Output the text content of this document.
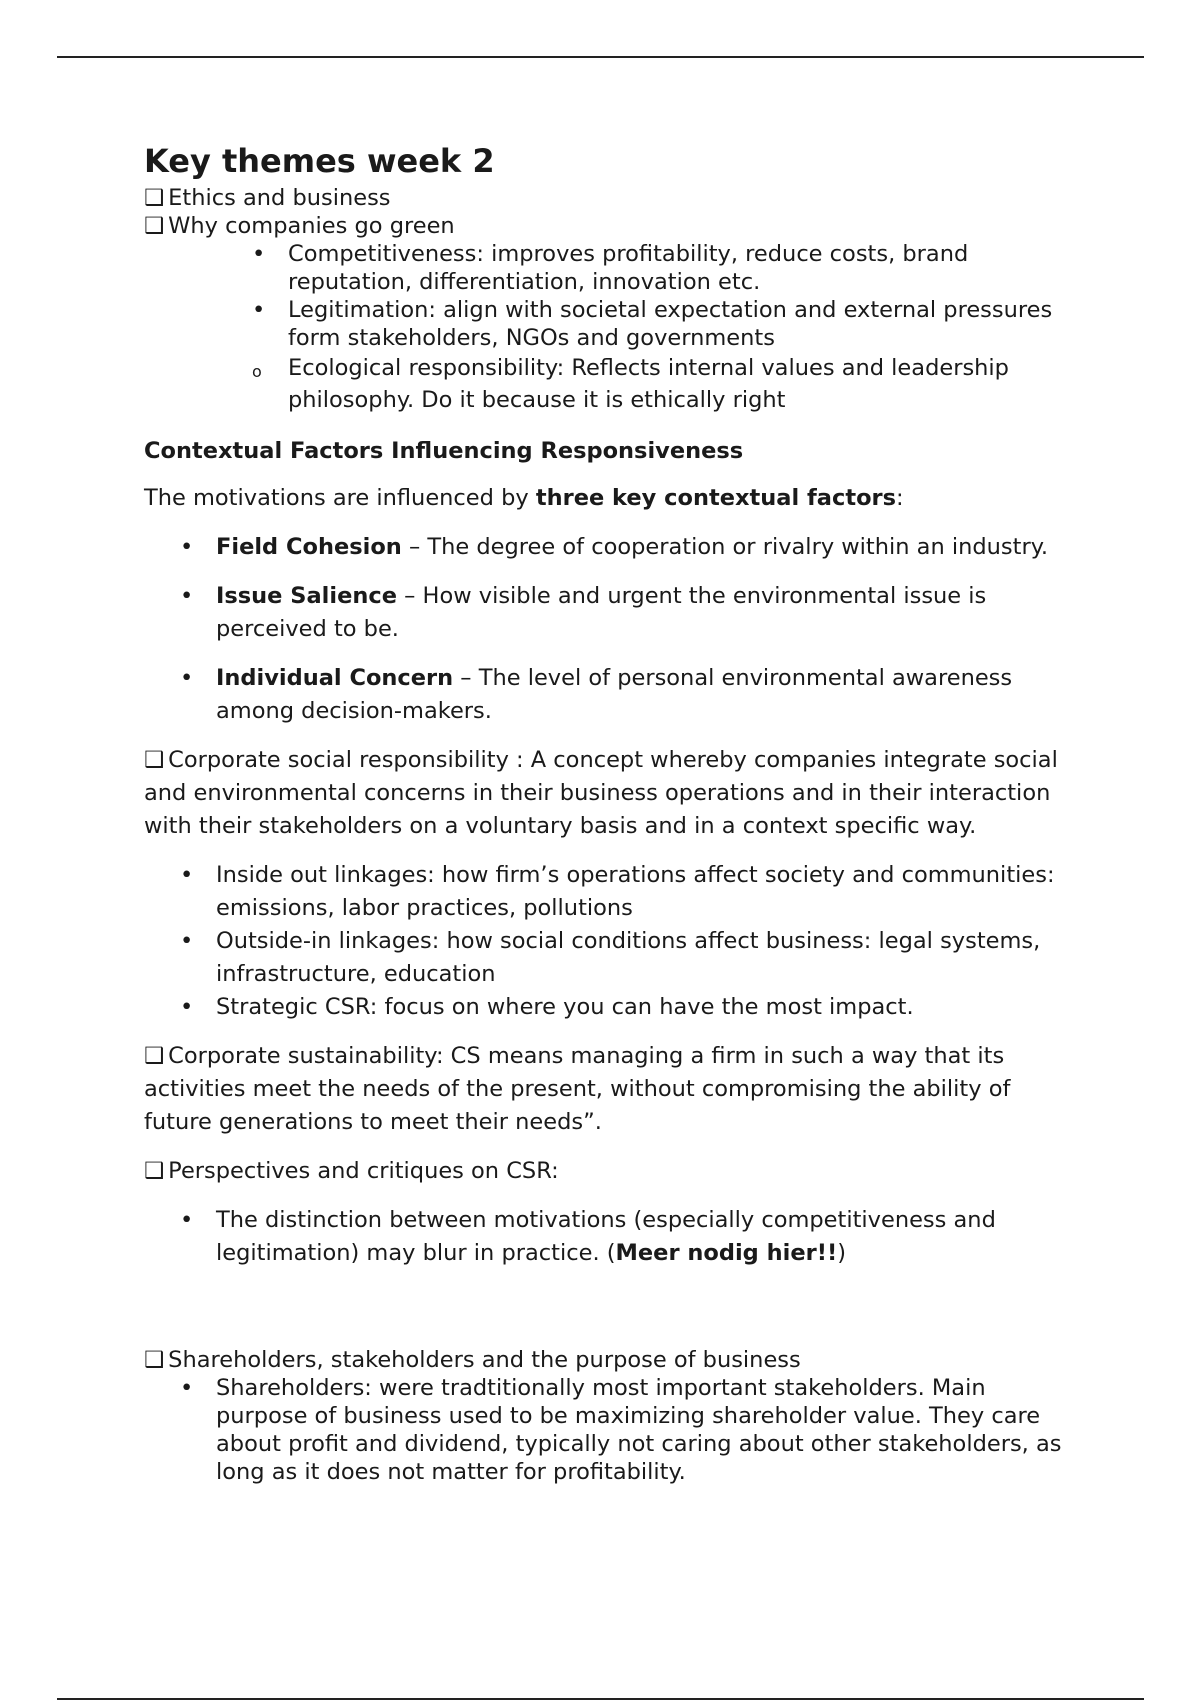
Key themes week 2

❑ Ethics and business

❑ Why companies go green

• Competitiveness: improves profitability, reduce costs, brand reputation, differentiation, innovation etc.
• Legitimation: align with societal expectation and external pressures form stakeholders, NGOs and governments
o Ecological responsibility: Reflects internal values and leadership philosophy. Do it because it is ethically right

Contextual Factors Influencing Responsiveness

The motivations are influenced by three key contextual factors:

• Field Cohesion – The degree of cooperation or rivalry within an industry.
• Issue Salience – How visible and urgent the environmental issue is perceived to be.
• Individual Concern – The level of personal environmental awareness among decision-makers.

❑ Corporate social responsibility : A concept whereby companies integrate social and environmental concerns in their business operations and in their interaction with their stakeholders on a voluntary basis and in a context specific way.

• Inside out linkages: how firm’s operations affect society and communities: emissions, labor practices, pollutions
• Outside-in linkages: how social conditions affect business: legal systems, infrastructure, education
• Strategic CSR: focus on where you can have the most impact.

❑ Corporate sustainability: CS means managing a firm in such a way that its activities meet the needs of the present, without compromising the ability of future generations to meet their needs”.

❑ Perspectives and critiques on CSR:

• The distinction between motivations (especially competitiveness and legitimation) may blur in practice. (Meer nodig hier!!)

❑ Shareholders, stakeholders and the purpose of business

• Shareholders: were tradtitionally most important stakeholders. Main purpose of business used to be maximizing shareholder value. They care about profit and dividend, typically not caring about other stakeholders, as long as it does not matter for profitability.
